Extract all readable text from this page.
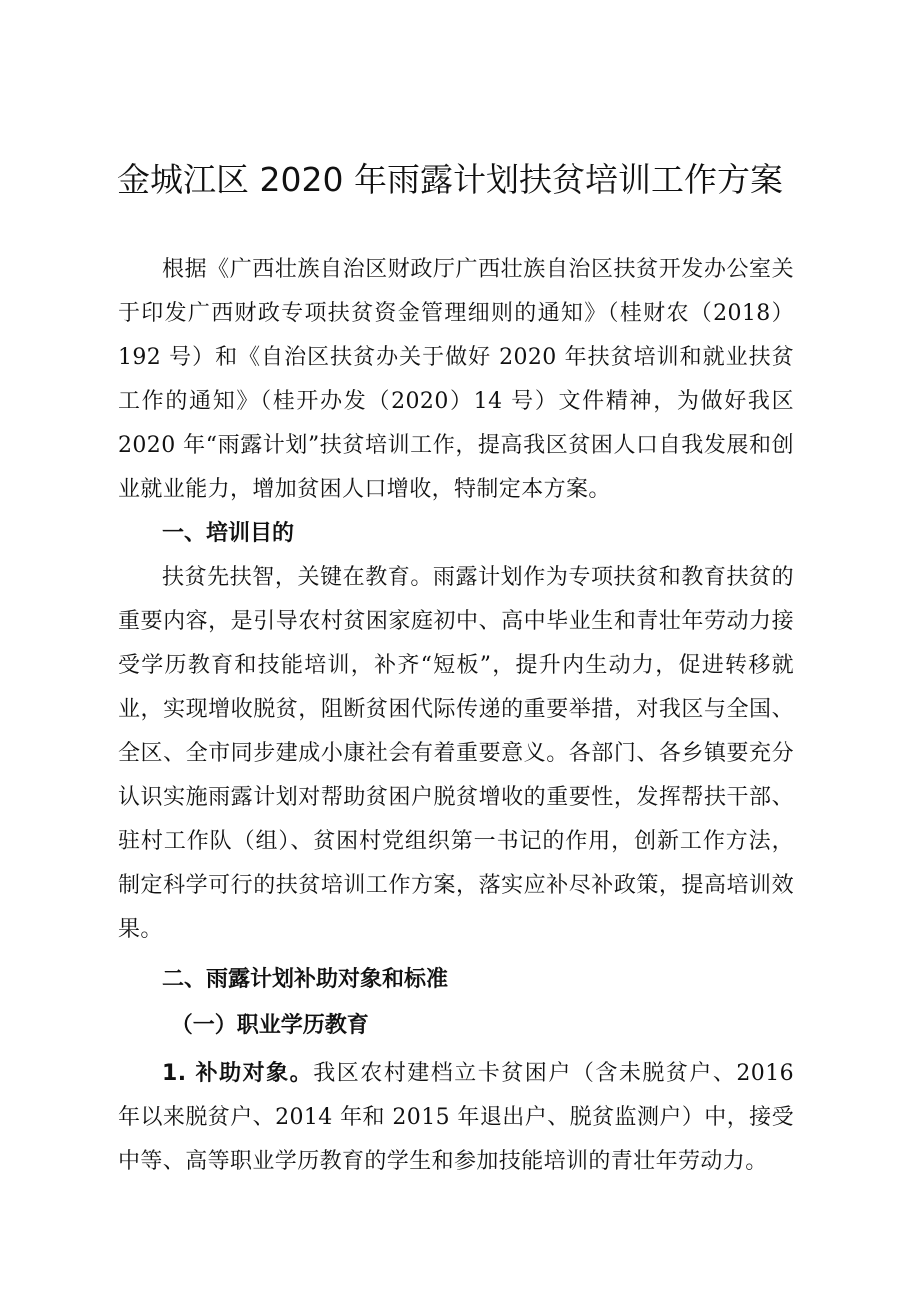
金城江区 2020 年雨露计划扶贫培训工作方案

根据《广西壮族自治区财政厅广西壮族自治区扶贫开发办公室关于印发广西财政专项扶贫资金管理细则的通知》（桂财农（2018）192 号）和《自治区扶贫办关于做好 2020 年扶贫培训和就业扶贫工作的通知》（桂开办发（2020）14 号）文件精神，为做好我区 2020 年“雨露计划”扶贫培训工作，提高我区贫困人口自我发展和创业就业能力，增加贫困人口增收，特制定本方案。

一、培训目的

扶贫先扶智，关键在教育。雨露计划作为专项扶贫和教育扶贫的重要内容，是引导农村贫困家庭初中、高中毕业生和青壮年劳动力接受学历教育和技能培训，补齐“短板”，提升内生动力，促进转移就业，实现增收脱贫，阻断贫困代际传递的重要举措，对我区与全国、全区、全市同步建成小康社会有着重要意义。各部门、各乡镇要充分认识实施雨露计划对帮助贫困户脱贫增收的重要性，发挥帮扶干部、驻村工作队（组）、贫困村党组织第一书记的作用，创新工作方法，制定科学可行的扶贫培训工作方案，落实应补尽补政策，提高培训效果。

二、雨露计划补助对象和标准

（一）职业学历教育

1. 补助对象。我区农村建档立卡贫困户（含未脱贫户、2016 年以来脱贫户、2014 年和 2015 年退出户、脱贫监测户）中，接受中等、高等职业学历教育的学生和参加技能培训的青壮年劳动力。
